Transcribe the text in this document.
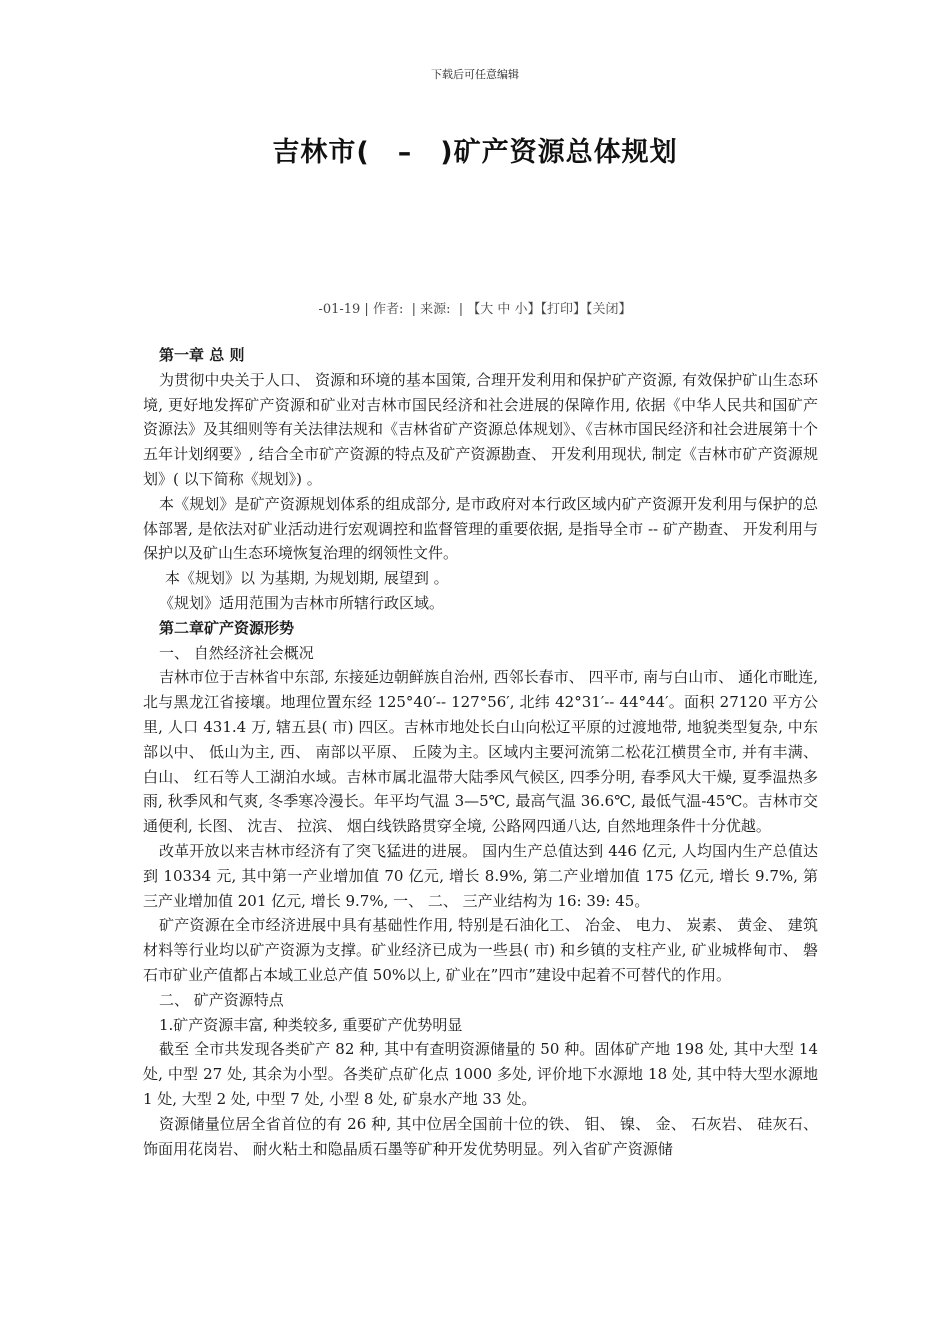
下载后可任意编辑
吉林市(　–　)矿产资源总体规划
-01-19 | 作者:  | 来源:  | 【大 中 小】【打印】【关闭】

第一章 总 则

为贯彻中央关于人口、 资源和环境的基本国策, 合理开发利用和保护矿产资源, 有效保护矿山生态环境, 更好地发挥矿产资源和矿业对吉林市国民经济和社会进展的保障作用, 依据《中华人民共和国矿产资源法》及其细则等有关法律法规和《吉林省矿产资源总体规划》、《吉林市国民经济和社会进展第十个五年计划纲要》, 结合全市矿产资源的特点及矿产资源勘查、 开发利用现状, 制定《吉林市矿产资源规划》( 以下简称《规划》) 。

本《规划》是矿产资源规划体系的组成部分, 是市政府对本行政区域内矿产资源开发利用与保护的总体部署, 是依法对矿业活动进行宏观调控和监督管理的重要依据, 是指导全市 -- 矿产勘查、 开发利用与保护以及矿山生态环境恢复治理的纲领性文件。

本《规划》以 为基期, 为规划期, 展望到 。

《规划》适用范围为吉林市所辖行政区域。

第二章矿产资源形势

一、 自然经济社会概况

吉林市位于吉林省中东部, 东接延边朝鲜族自治州, 西邻长春市、 四平市, 南与白山市、 通化市毗连, 北与黑龙江省接壤。地理位置东经 125°40′-- 127°56′, 北纬 42°31′-- 44°44′。面积 27120 平方公里, 人口 431.4 万, 辖五县( 市) 四区。吉林市地处长白山向松辽平原的过渡地带, 地貌类型复杂, 中东部以中、 低山为主, 西、 南部以平原、 丘陵为主。区域内主要河流第二松花江横贯全市, 并有丰满、 白山、 红石等人工湖泊水域。吉林市属北温带大陆季风气候区, 四季分明, 春季风大干燥, 夏季温热多雨, 秋季风和气爽, 冬季寒冷漫长。年平均气温 3—5℃, 最高气温 36.6℃, 最低气温-45℃。吉林市交通便利, 长图、 沈吉、 拉滨、 烟白线铁路贯穿全境, 公路网四通八达, 自然地理条件十分优越。

改革开放以来吉林市经济有了突飞猛进的进展。 国内生产总值达到 446 亿元, 人均国内生产总值达到 10334 元, 其中第一产业增加值 70 亿元, 增长 8.9%, 第二产业增加值 175 亿元, 增长 9.7%, 第三产业增加值 201 亿元, 增长 9.7%, 一、 二、 三产业结构为 16: 39: 45。

矿产资源在全市经济进展中具有基础性作用, 特别是石油化工、 冶金、 电力、 炭素、 黄金、 建筑材料等行业均以矿产资源为支撑。矿业经济已成为一些县( 市) 和乡镇的支柱产业, 矿业城桦甸市、 磐石市矿业产值都占本域工业总产值 50%以上, 矿业在”四市”建设中起着不可替代的作用。

二、 矿产资源特点

1.矿产资源丰富, 种类较多, 重要矿产优势明显

截至 全市共发现各类矿产 82 种, 其中有查明资源储量的 50 种。固体矿产地 198 处, 其中大型 14 处, 中型 27 处, 其余为小型。各类矿点矿化点 1000 多处, 评价地下水源地 18 处, 其中特大型水源地 1 处, 大型 2 处, 中型 7 处, 小型 8 处, 矿泉水产地 33 处。

资源储量位居全省首位的有 26 种, 其中位居全国前十位的铁、 钼、 镍、 金、 石灰岩、 硅灰石、 饰面用花岗岩、 耐火粘土和隐晶质石墨等矿种开发优势明显。列入省矿产资源储
